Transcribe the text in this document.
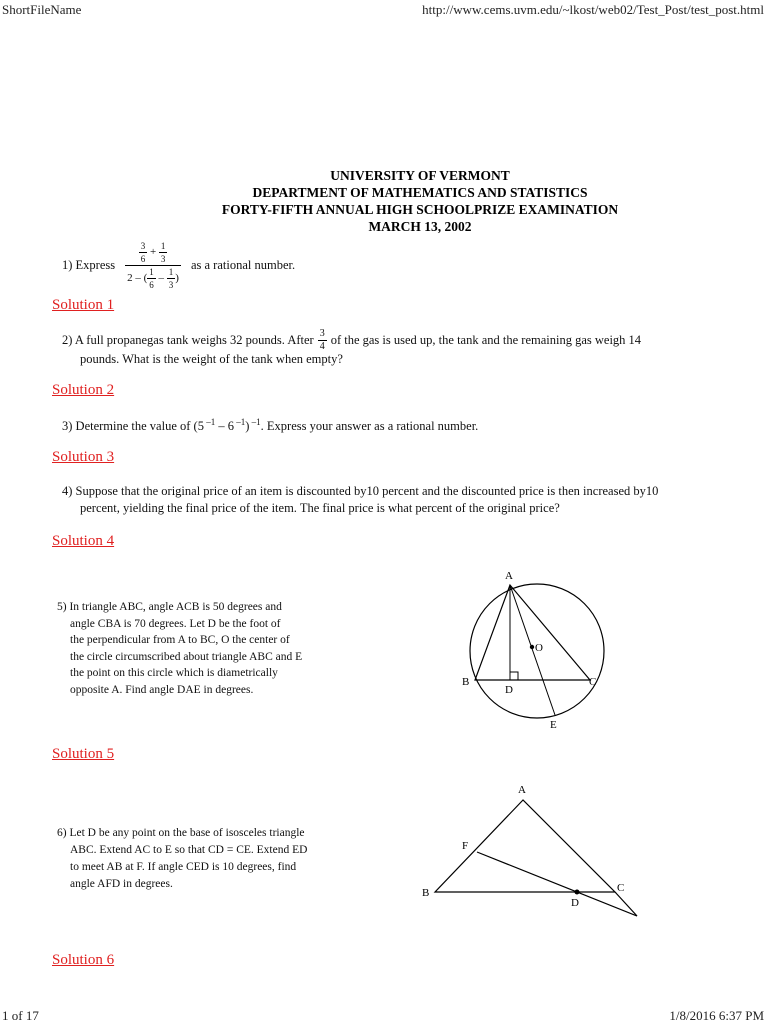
ShortFileName	http://www.cems.uvm.edu/~lkost/web02/Test_Post/test_post.html
UNIVERSITY OF VERMONT
DEPARTMENT OF MATHEMATICS AND STATISTICS
FORTY-FIFTH ANNUAL HIGH SCHOOLPRIZE EXAMINATION
MARCH 13, 2002
1) Express $\frac{\frac{3}{6} + \frac{1}{3}}{2 - ( \frac{1}{6} - \frac{1}{3} )}$ as a rational number.
Solution 1
2) A full propanegas tank weighs 32 pounds. After $\frac{3}{4}$ of the gas is used up, the tank and the remaining gas weigh 14
pounds. What is the weight of the tank when empty?
Solution 2
3) Determine the value of (5 $^{-1}$ – 6 $^{-1}$) $^{-1}$. Express your answer as a rational number.
Solution 3
4) Suppose that the original price of an item is discounted by10 percent and the discounted price is then increased by10
percent, yielding the final price of the item. The final price is what percent of the original price?
Solution 4
5) In triangle ABC, angle ACB is 50 degrees and
angle CBA is 70 degrees. Let D be the foot of
the perpendicular from A to BC, O the center of
the circle circumscribed about triangle ABC and E
the point on this circle which is diametrically
opposite A. Find angle DAE in degrees.
A
B	C
D
E
O
Solution 5
6) Let D be any point on the base of isosceles triangle
ABC. Extend AC to E so that CD = CE. Extend ED
to meet AB at F. If angle CED is 10 degrees, find
angle AFD in degrees.
A
B	C
D
F
Solution 6
1 of 17	1/8/2016 6:37 PM
